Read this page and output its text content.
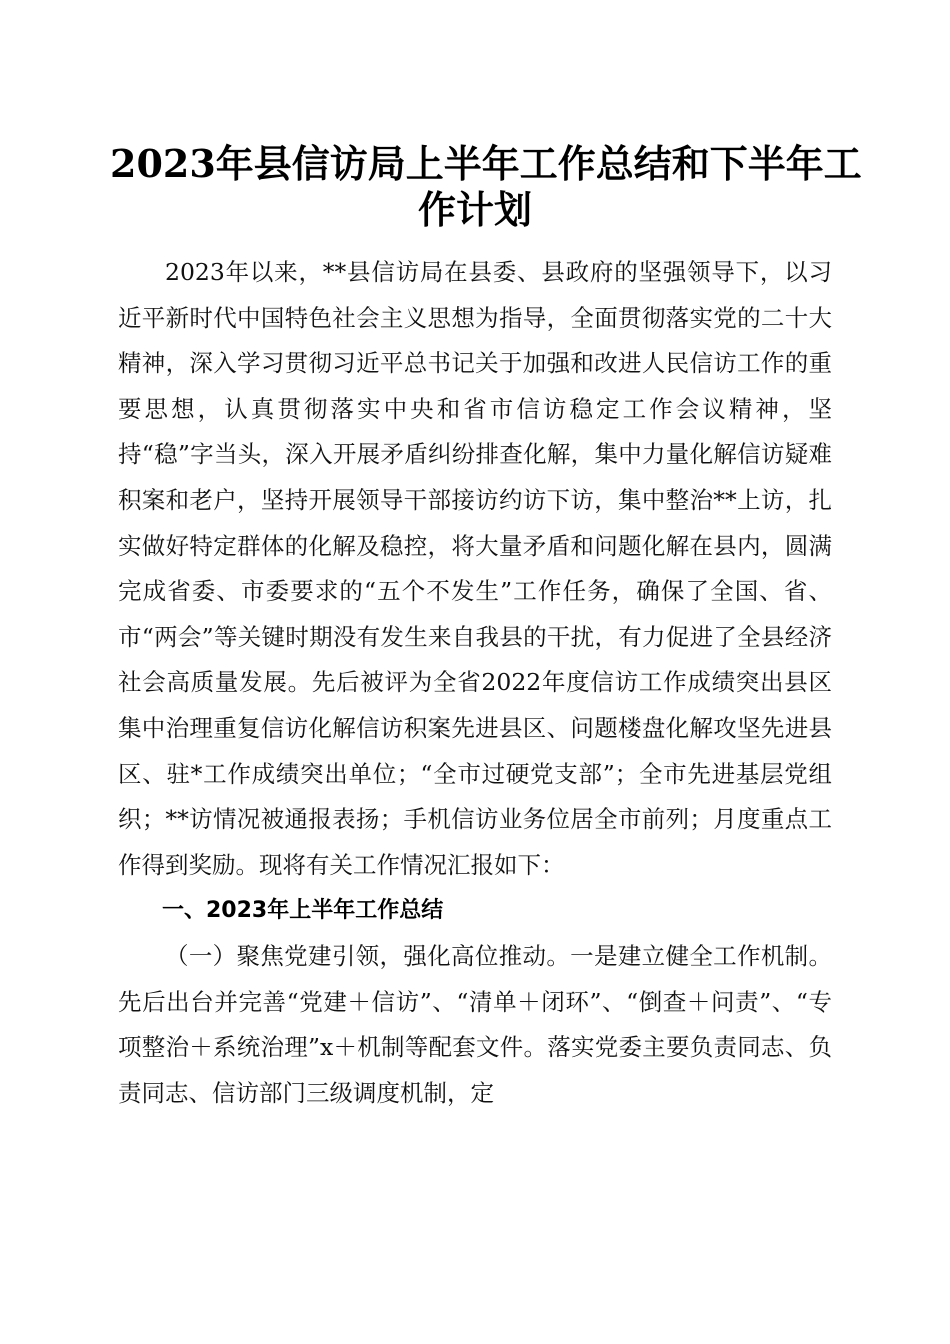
2023年县信访局上半年工作总结和下半年工
作计划

2023年以来，**县信访局在县委、县政府的坚强领导下，以习近平新时代中国特色社会主义思想为指导，全面贯彻落实党的二十大精神，深入学习贯彻习近平总书记关于加强和改进人民信访工作的重要思想，认真贯彻落实中央和省市信访稳定工作会议精神，坚持“稳”字当头，深入开展矛盾纠纷排查化解，集中力量化解信访疑难积案和老户，坚持开展领导干部接访约访下访，集中整治**上访，扎实做好特定群体的化解及稳控，将大量矛盾和问题化解在县内，圆满完成省委、市委要求的“五个不发生”工作任务，确保了全国、省、市“两会”等关键时期没有发生来自我县的干扰，有力促进了全县经济社会高质量发展。先后被评为全省2022年度信访工作成绩突出县区集中治理重复信访化解信访积案先进县区、问题楼盘化解攻坚先进县区、驻*工作成绩突出单位；“全市过硬党支部”；全市先进基层党组织；**访情况被通报表扬；手机信访业务位居全市前列；月度重点工作得到奖励。现将有关工作情况汇报如下：

一、2023年上半年工作总结

（一）聚焦党建引领，强化高位推动。一是建立健全工作机制。先后出台并完善“党建＋信访”、“清单＋闭环”、“倒查＋问责”、“专项整治＋系统治理”x＋机制等配套文件。落实党委主要负责同志、负责同志、信访部门三级调度机制，定
